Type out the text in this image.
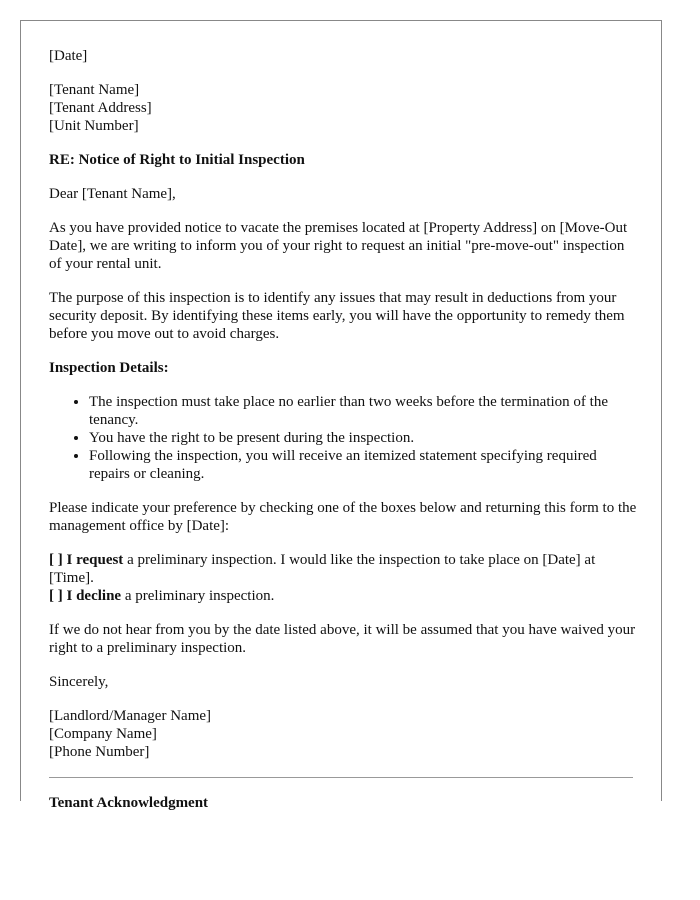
[Date]

[Tenant Name]
[Tenant Address]
[Unit Number]

RE: Notice of Right to Initial Inspection

Dear [Tenant Name],

As you have provided notice to vacate the premises located at [Property Address] on [Move-Out Date], we are writing to inform you of your right to request an initial "pre-move-out" inspection of your rental unit.

The purpose of this inspection is to identify any issues that may result in deductions from your security deposit. By identifying these items early, you will have the opportunity to remedy them before you move out to avoid charges.

Inspection Details:

• The inspection must take place no earlier than two weeks before the termination of the tenancy.
• You have the right to be present during the inspection.
• Following the inspection, you will receive an itemized statement specifying required repairs or cleaning.

Please indicate your preference by checking one of the boxes below and returning this form to the management office by [Date]:

[ ] I request a preliminary inspection. I would like the inspection to take place on [Date] at [Time].
[ ] I decline a preliminary inspection.

If we do not hear from you by the date listed above, it will be assumed that you have waived your right to a preliminary inspection.

Sincerely,

[Landlord/Manager Name]
[Company Name]
[Phone Number]
Tenant Acknowledgment
